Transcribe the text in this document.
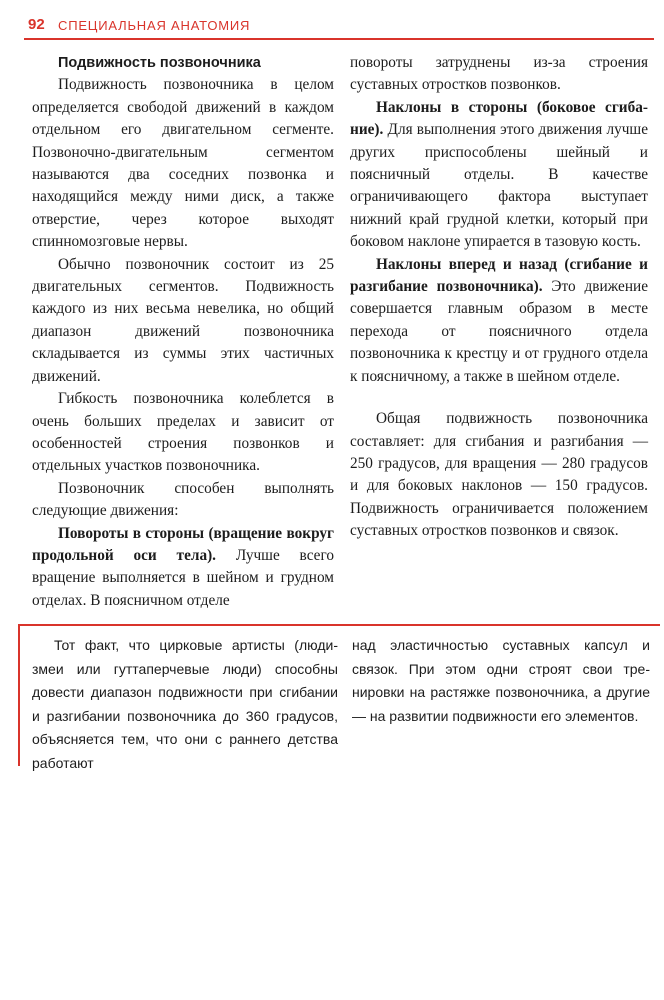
92 СПЕЦИАЛЬНАЯ АНАТОМИЯ

Подвижность позвоночника

Подвижность позвоночника в целом определяется свободой движений в каждом отдельном его двигательном сегменте. Позвоночно-двигательным сегментом называются два соседних позвонка и находящийся между ними диск, а также отверстие, через которое выходят спинномозговые нервы.

Обычно позвоночник состоит из 25 двигательных сегментов. Подвижность каждого из них весьма невелика, но общий диапазон движений позвоночника складывается из суммы этих частичных движений.

Гибкость позвоночника колеблется в очень больших пределах и зависит от особенностей строения позвонков и отдельных участков позвоночника.

Позвоночник способен выполнять следующие движения:

Повороты в стороны (вращение вокруг продольной оси тела). Лучше всего вращение выполняется в шейном и грудном отделах. В поясничном отделе

повороты затруднены из-за строения суставных отростков позвонков.

Наклоны в стороны (боковое сгибание). Для выполнения этого движения лучше других приспособлены шейный и поясничный отделы. В качестве ограничивающего фактора выступает нижний край грудной клетки, который при боковом наклоне упирается в тазовую кость.

Наклоны вперед и назад (сгибание и разгибание позвоночника). Это движение совершается главным образом в месте перехода от поясничного отдела позвоночника к крестцу и от грудного отдела к поясничному, а также в шейном отделе.

Общая подвижность позвоночника составляет: для сгибания и разгибания — 250 градусов, для вращения — 280 градусов и для боковых наклонов — 150 градусов. Подвижность ограничивается положением суставных отростков позвонков и связок.

Тот факт, что цирковые артисты (люди-змеи или гуттаперчевые люди) способны довести диапазон подвижности при сгибании и разгибании позвоночника до 360 градусов, объясняется тем, что они с раннего детства работают

над эластичностью суставных капсул и связок. При этом одни строят свои тренировки на растяжке позвоночника, а другие — на развитии подвижности его элементов.
